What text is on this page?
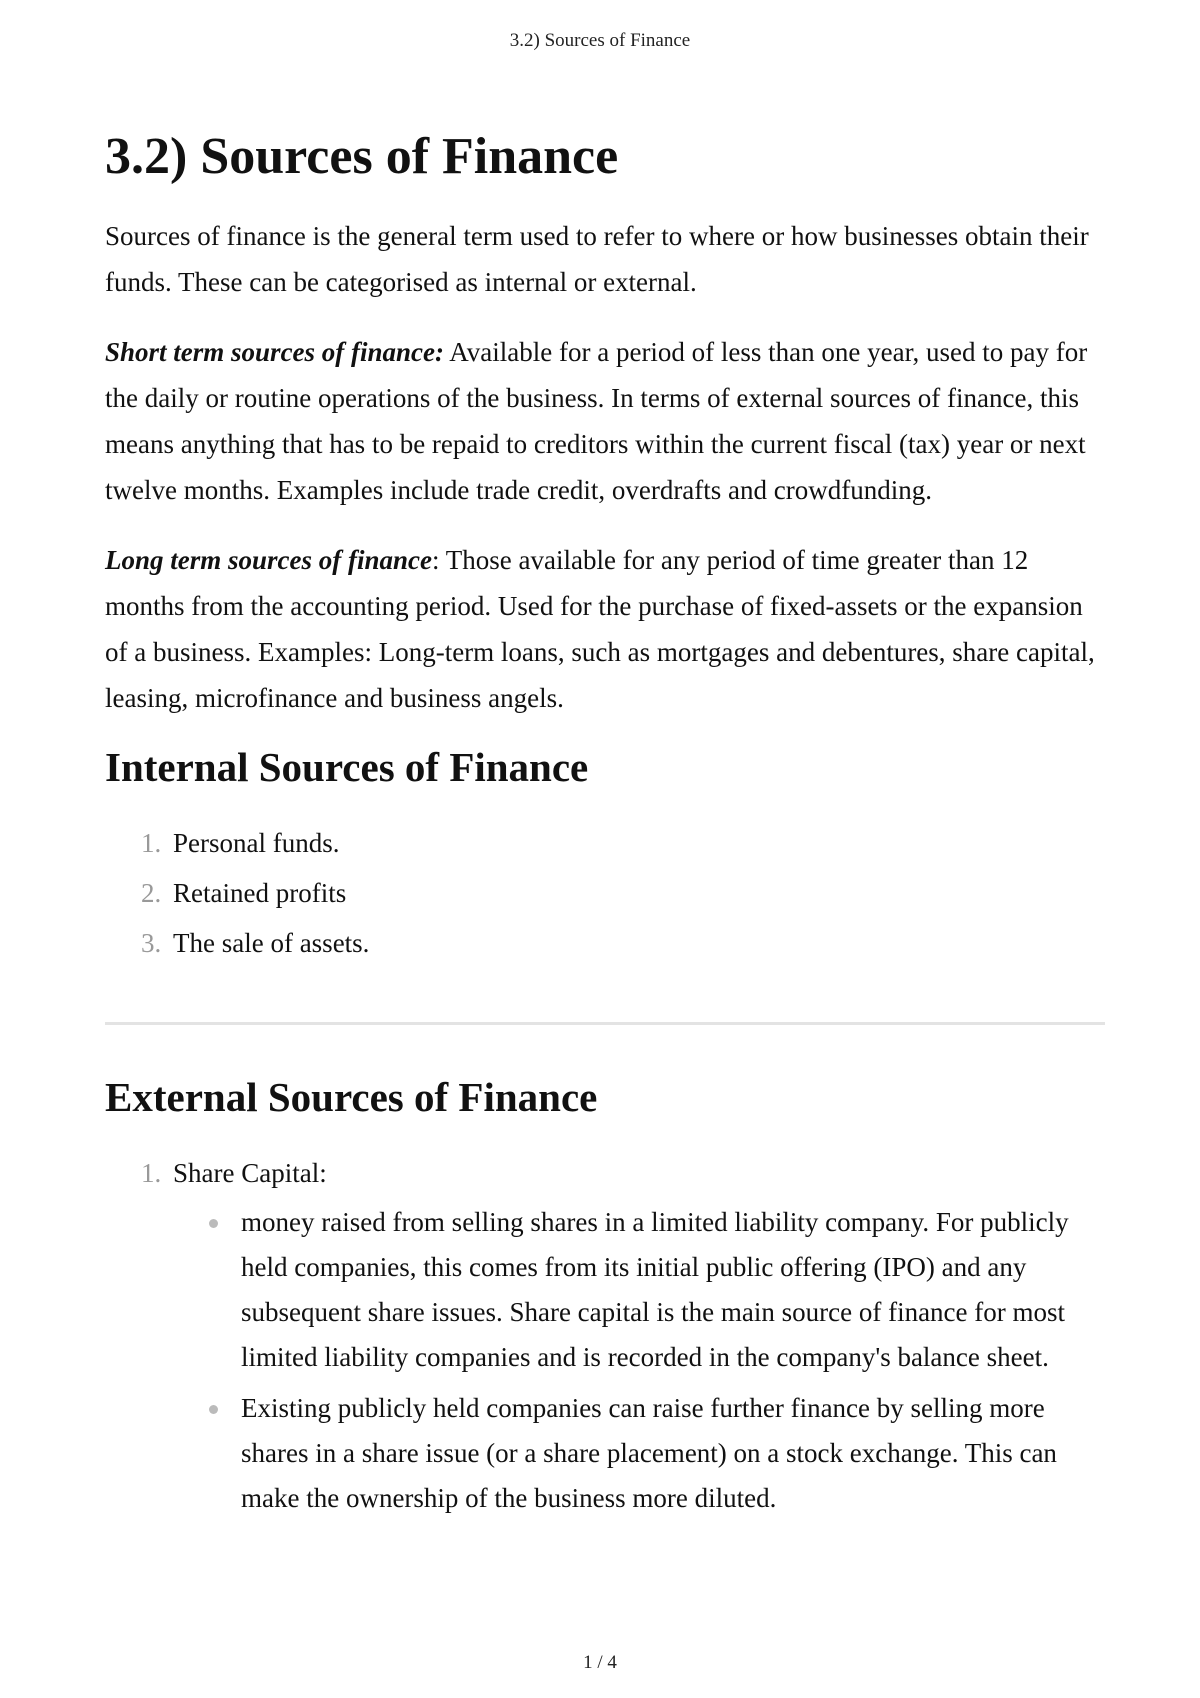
3.2) Sources of Finance
3.2) Sources of Finance

Sources of finance is the general term used to refer to where or how businesses obtain their funds. These can be categorised as internal or external.

Short term sources of finance: Available for a period of less than one year, used to pay for the daily or routine operations of the business. In terms of external sources of finance, this means anything that has to be repaid to creditors within the current fiscal (tax) year or next twelve months. Examples include trade credit, overdrafts and crowdfunding.

Long term sources of finance: Those available for any period of time greater than 12 months from the accounting period. Used for the purchase of fixed-assets or the expansion of a business. Examples: Long-term loans, such as mortgages and debentures, share capital, leasing, microfinance and business angels.

Internal Sources of Finance
1. Personal funds.
2. Retained profits
3. The sale of assets.
External Sources of Finance
1. Share Capital:
money raised from selling shares in a limited liability company. For publicly held companies, this comes from its initial public offering (IPO) and any subsequent share issues. Share capital is the main source of finance for most limited liability companies and is recorded in the company's balance sheet.
Existing publicly held companies can raise further finance by selling more shares in a share issue (or a share placement) on a stock exchange. This can make the ownership of the business more diluted.
1 / 4
